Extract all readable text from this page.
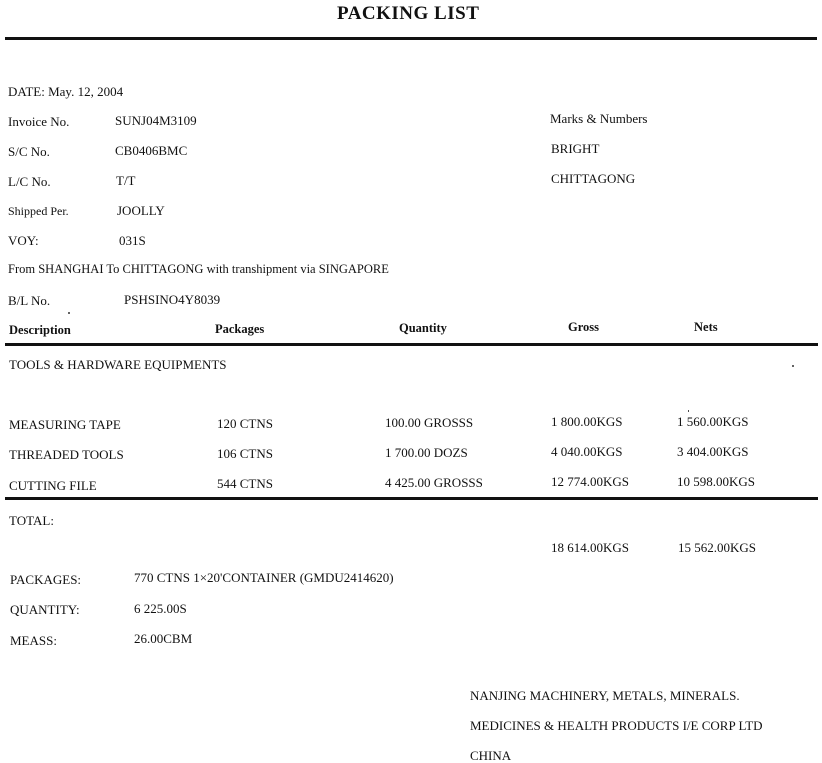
PACKING LIST
DATE: May. 12, 2004
Invoice No.	SUNJ04M3109
S/C No.	CB0406BMC
L/C No.	T/T
Shipped Per.	JOOLLY
VOY:	031S
From SHANGHAI To CHITTAGONG with transhipment via SINGAPORE
B/L No.	PSHSINO4Y8039
Marks & Numbers
BRIGHT
CHITTAGONG
Description	Packages	Quantity	Gross	Nets
TOOLS & HARDWARE EQUIPMENTS
MEASURING TAPE	120 CTNS	100.00 GROSSS	1 800.00KGS	1 560.00KGS
THREADED TOOLS	106 CTNS	1 700.00 DOZS	4 040.00KGS	3 404.00KGS
CUTTING FILE	544 CTNS	4 425.00 GROSSS	12 774.00KGS	10 598.00KGS
TOTAL:
18 614.00KGS	15 562.00KGS
PACKAGES:	770 CTNS 1×20'CONTAINER (GMDU2414620)
QUANTITY:	6 225.00S
MEASS:	26.00CBM
NANJING MACHINERY, METALS, MINERALS.
MEDICINES & HEALTH PRODUCTS I/E CORP LTD
CHINA
